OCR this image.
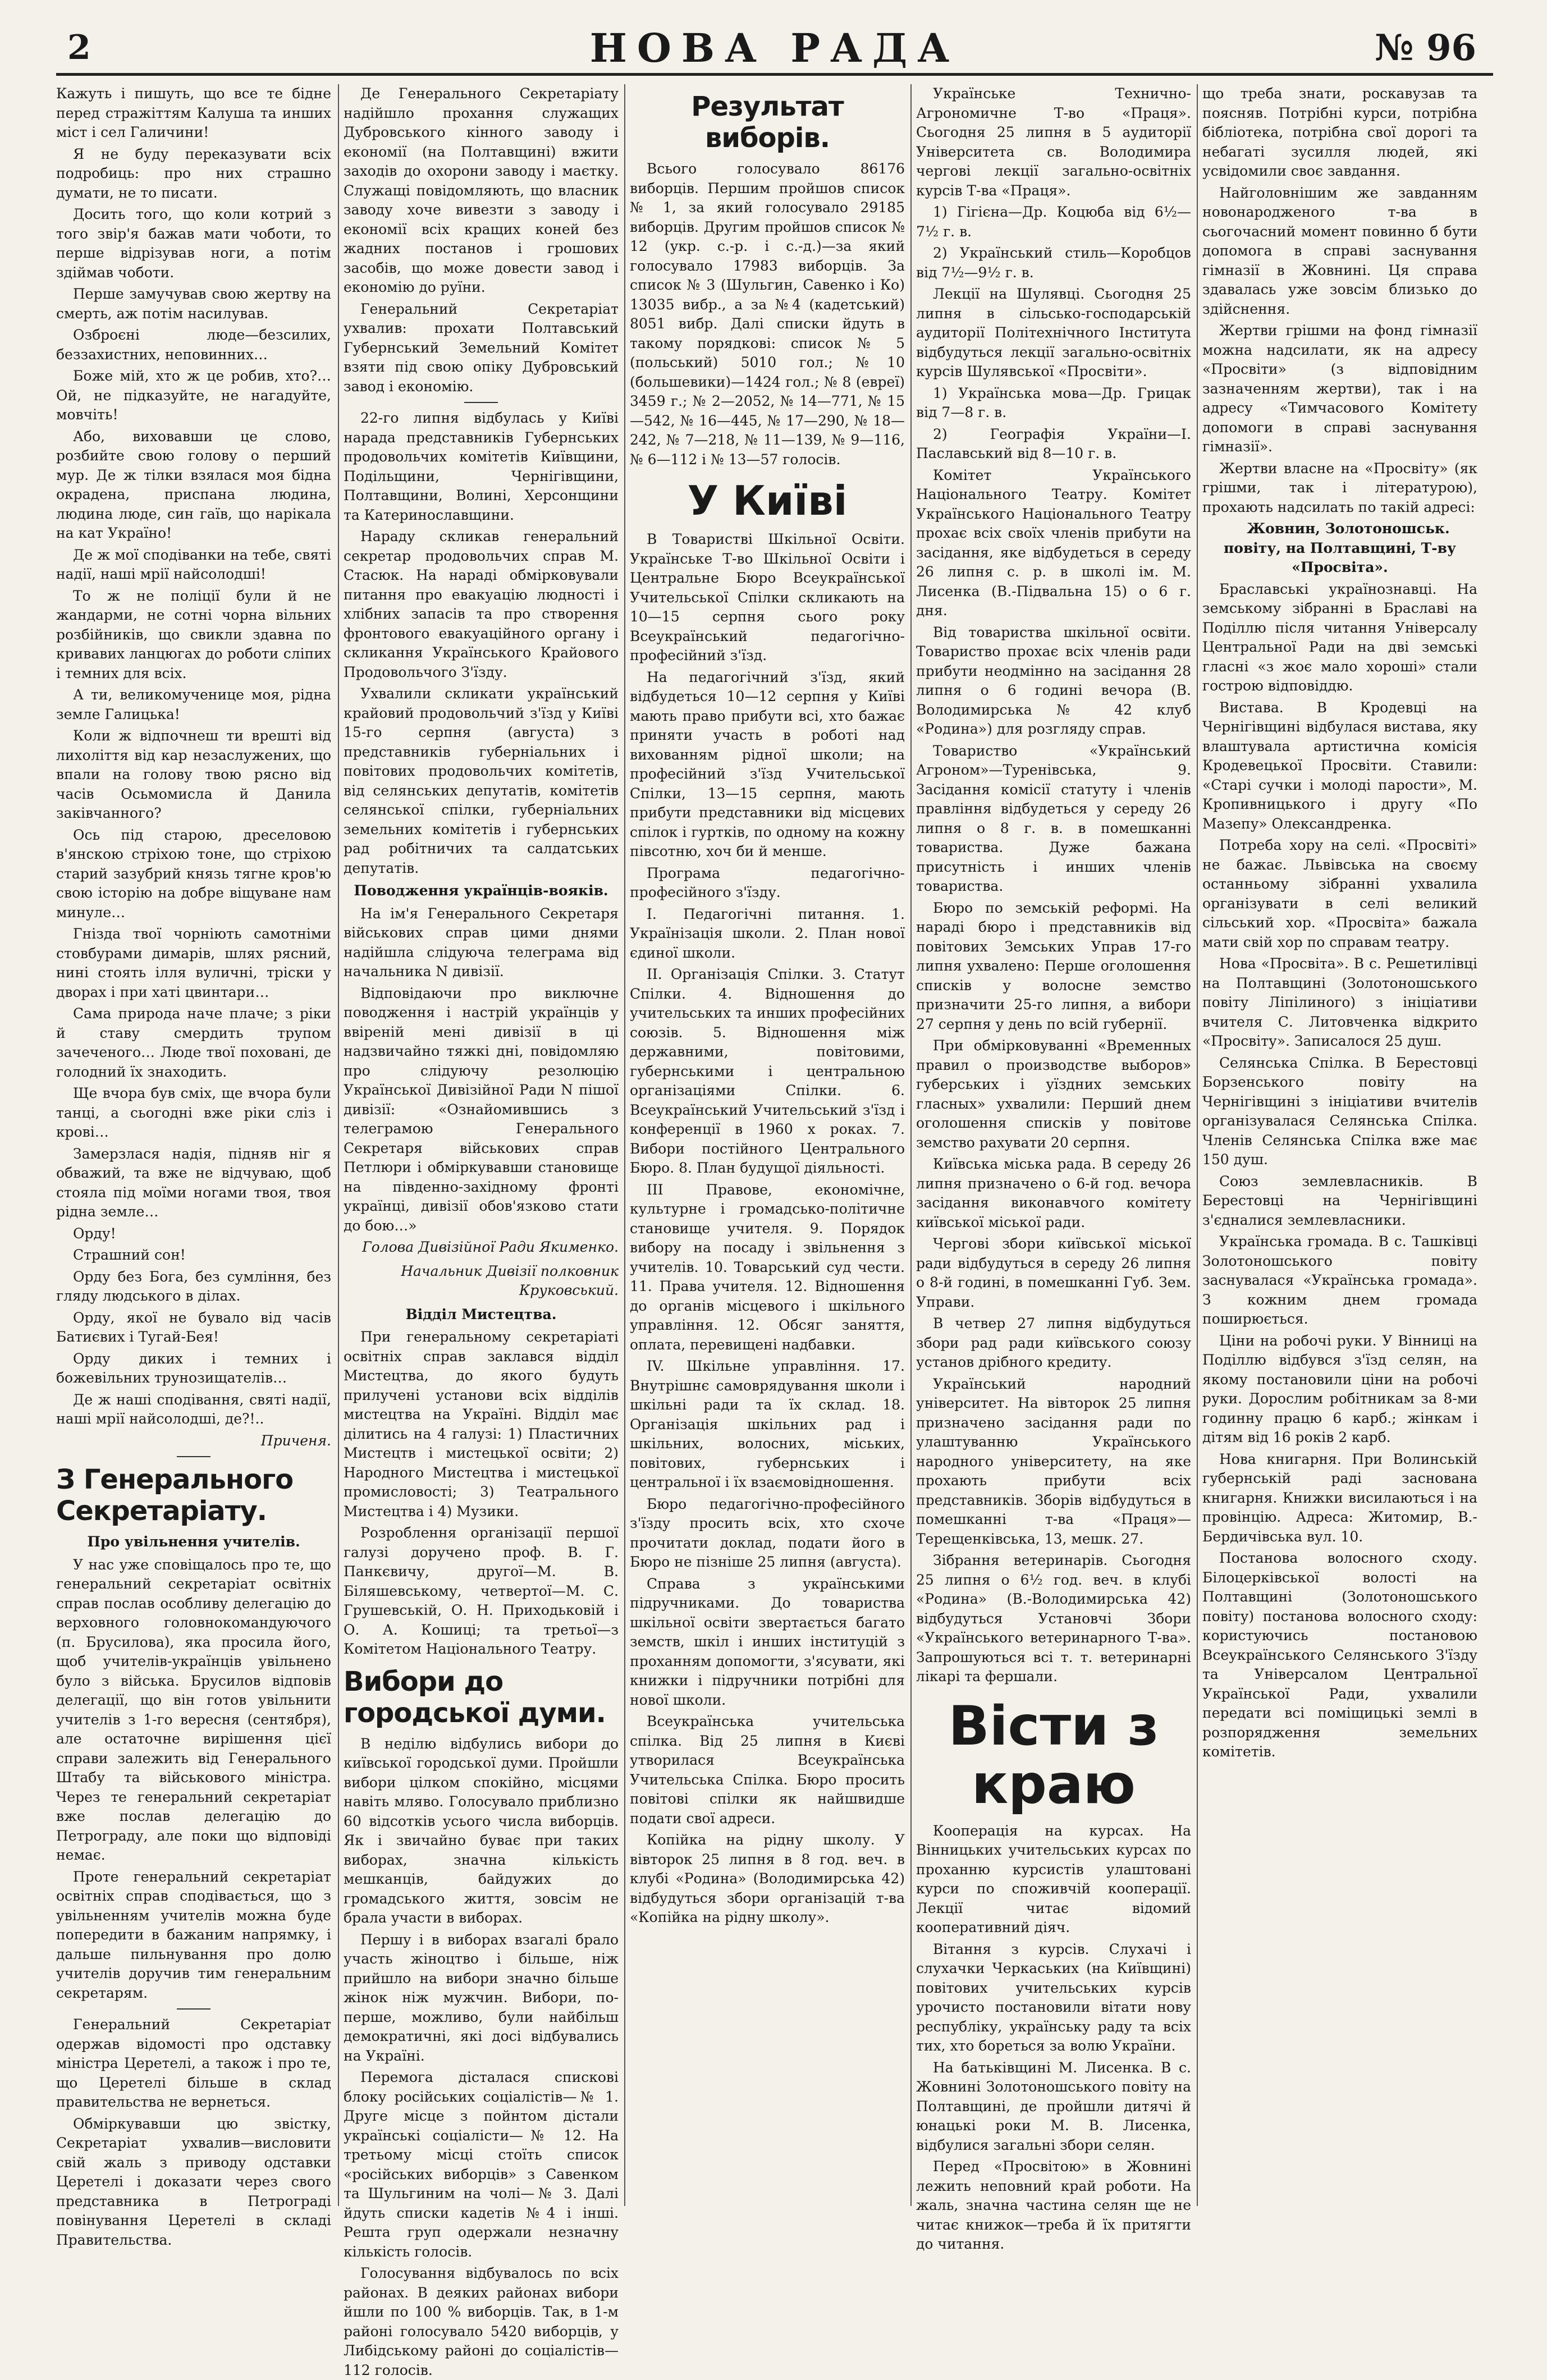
2	НОВА РАДА	№ 96

Кажуть і пишуть, що все те бідне перед стражіттям Калуша та инших міст і сел Галичини!

Я не буду переказувати всіх подробиць: про них страшно думати, не то писати.

Досить того, що коли котрий з того звір'я бажав мати чоботи, то перше відрізував ноги, а потім здіймав чоботи.

Перше замучував свою жертву на смерть, аж потім насилував.

Озброєні люде—безсилих, беззахистних, неповинних…

Боже мій, хто ж це робив, хто?… Ой, не підказуйте, не нагадуйте, мовчіть!

Або, виховавши це слово, розбийте свою голову о перший мур. Де ж тілки взялася моя бідна окрадена, приспана людина, людина люде, син гаїв, що нарікала на кат Україно!

Де ж мої сподіванки на тебе, святі надії, наші мрії найсолодші!

То ж не поліції були й не жандарми, не сотні чорна вільних розбійників, що свикли здавна по кривавих ланцюгах до роботи сліпих і темних для всіх.

А ти, великомученице моя, рідна земле Галицька!

Коли ж відпочнеш ти врешті від лихоліття від кар незаслужених, що впали на голову твою рясно від часів Осьмомисла й Данила заківчанного?

Ось під старою, дреселовою в'янскою стріхою тоне, що стріхою старий зазубрий князь тягне кров'ю свою історію на добре віщуване нам минуле…

Гнізда твої чорніють самотніми стовбурами димарів, шлях рясний, нині стоять ілля вуличні, тріски у дворах і при хаті цвинтари…

Сама природа наче плаче; з ріки й ставу смердить трупом зачеченого… Люде твої поховані, де голодний їх знаходить.

Ще вчора був сміх, ще вчора були танці, а сьогодні вже ріки сліз і крові…

Замерзлася надія, підняв ніг я обважий, та вже не відчуваю, щоб стояла під моїми ногами твоя, твоя рідна земле…

Орду!

Страшний сон!

Орду без Бога, без сумління, без гляду людського в ділах.

Орду, якої не бувало від часів Батиєвих і Тугай-Бея!

Орду диких і темних і божевільних трунозищателів…

Де ж наші сподівання, святі надії, наші мрії найсолодші, де?!..

Приченя.
З Генерального Секретаріату.
Про увільнення учителів.

У нас уже сповіщалось про те, що генеральний секретаріат освітніх справ послав особливу делегацію до верховного головнокомандуючого (п. Брусилова), яка просила його, щоб учителів-українців увільнено було з військa. Брусилов відповів делегації, що він готов увільнити учителів з 1-го вересня (сентября), але остаточне вирішення цієї справи залежить від Генерального Штабу та військового міністра. Через те генеральний секретаріат вже послав делегацію до Петрограду, але поки що відповіді немає.

Проте генеральний секретаріат освітніх справ сподівається, що з увільненням учителів можна буде попередити в бажаним напрямку, і дальше пильнування про долю учителів доручив тим генеральним секретарям.

Генеральний Секретаріат одержав відомості про одставку міністра Церетелі, а також і про те, що Церетелі більше в склад правительства не вернеться.

Обміркувавши цю звістку, Секретаріат ухвалив—висловити свій жаль з приводу одставки Церетелі і доказати через свого представника в Петрограді повінування Церетелі в складі Правительства.

Де Генерального Секретаріату надійшло прохання служащих Дубровського кінного заводу і економії (на Полтавщині) вжити заходів до охорони заводу і маєтку. Служащі повідомляють, що власник заводу хоче вивезти з заводу і економії всіх кращих коней без жадних постанов і грошових засобів, що може довести завод і економію до руїни.

Генеральний Секретаріат ухвалив: прохати Полтавський Губернський Земельний Комітет взяти під свою опіку Дубровський завод і економію.

22-го липня відбулась у Київі нарада представників Губернських продовольчих комітетів Київщини, Подільщини, Чернігівщини, Полтавщини, Волині, Херсонщини та Катеринославщини.

Нараду скликав генеральний секретар продовольчих справ М. Стасюк. На нараді обмірковували питання про евакуацію людності і хлібних запасів та про створення фронтового евакуаційного органу і скликання Українського Крайового Продовольчого З'їзду.

Ухвалили скликати український крайовий продовольчий з'їзд у Київі 15-го серпня (августа) з представників губерніальних і повітових продовольчих комітетів, від селянських депутатів, комітетів селянської спілки, губерніальних земельних комітетів і губернських рад робітничих та салдатських депутатів.

Поводження українців-вояків.

На ім'я Генерального Секретаря військових справ цими днями надійшла слідуюча телеграма від начальника N дивізії.

Відповідаючи про виключне поводження і настрій українців у ввіреній мені дивізії в ці надзвичайно тяжкі дні, повідомляю про слідуючу резолюцію Української Дивізійної Ради N пішої дивізії: «Ознайомившись з телеграмою Генерального Секретаря військових справ Петлюри і обміркувавши становище на південно-західному фронті українці, дивізії обов'язково стати до бою…»

Голова Дивізійної Ради Якименко.
Начальник Дивізії полковник Круковський.
Відділ Мистецтва.

При генеральному секретаріаті освітніх справ заклався відділ Мистецтва, до якого будуть прилучені установи всіх відділів мистецтва на Україні. Відділ має ділитись на 4 галузі: 1) Пластичних Мистецтв і мистецької освіти; 2) Народного Мистецтва і мистецької промисловості; 3) Театрального Мистецтва і 4) Музики.

Розроблення організації першої галузі доручено проф. В. Г. Панкєвичу, другої—М. В. Біляшевському, четвертої—М. С. Грушевській, О. Н. Приходьковій і О. А. Кошиці; та третьої—з Комітетом Національного Театру.

Вибори до городської думи.

В неділю відбулись вибори до київської городської думи. Пройшли вибори цілком спокійно, місцями навіть мляво. Голосувало приблизно 60 відсотків усього числа виборців. Як і звичайно буває при таких виборах, значна кількість мешканців, байдужих до громадського життя, зовсім не брала участи в виборах.

Першу і в виборах взагалі брало участь жіноцтво і більше, ніж прийшло на вибори значно більше жінок ніж мужчин. Вибори, по-перше, можливо, були найбільш демократичні, які досі відбувались на Україні.

Перемога дісталася списковi блоку російських соціалістів—№ 1. Друге місце з пойнтом дістали українські соціалісти—№ 12. На третьому місці стоїть список «російських виборців» з Савенком та Шульгиним на чолі—№ 3. Далі йдуть списки кадетів №4 і інші. Решта груп одержали незначну кількість голосів.

Голосування відбувалось по всіх районах. В деяких районах вибори йшли по 100 % виборців. Так, в 1-м районі голосувало 5420 виборців, у Либідському районі до соціалістів—112 голосів.

Результат виборів.

Всього голосувало 86176 виборців. Першим пройшов список № 1, за який голосувало 29185 виборців. Другим пройшов список № 12 (укр. с.-р. і с.-д.)—за який голосувало 17983 виборців. За список № 3 (Шульгин, Савенко і Кo) 13035 вибр., а за №4 (кадетський) 8051 вибр. Далі списки йдуть в такому порядкові: список № 5 (польський) 5010 гол.; №10 (большевики)—1424 гол.; № 8 (евреї) 3459 г.; № 2—2052, № 14—771, № 15—542, № 16—445, № 17—290, № 18—242, № 7—218, № 11—139, № 9—116, № 6—112 і № 13—57 голосів.

У Київі

В Товаристві Шкільної Освіти. Українське Т-во Шкільної Освіти і Центральне Бюро Всеукраїнської Учительської Спілки скликають на 10—15 серпня сього року Всеукраїнський педагогічно-професійний з'їзд.

На педагогічний з'їзд, який відбудеться 10—12 серпня у Київі мають право прибути всі, хто бажає приняти участь в роботі над вихованням рідної школи; на професійний з'їзд Учительської Спілки, 13—15 серпня, мають прибути представники від місцевих спілок і гуртків, по одному на кожну півсотню, хоч би й менше.

Програма педагогічно-професійного з'їзду.

I. Педагогічні питання. 1. Українізація школи. 2. План нової єдиної школи.

II. Організація Спілки. 3. Статут Спілки. 4. Відношення до учительських та инших професійних союзів. 5. Відношення між державними, повітовими, губернськими і центральною організаціями Спілки. 6. Всеукраїнський Учительський з'їзд і конференції в 1960 х роках. 7. Вибори постійного Центрального Бюро. 8. План будущої діяльності.

III Правове, економічне, культурне і громадсько-політичне становище учителя. 9. Порядок вибору на посаду і звільнення з учителів. 10. Товарський суд чести. 11. Права учителя. 12. Відношення до органів місцевого і шкільного управління. 12. Обсяг заняття, оплата, перевищені надбавки.

IV. Шкільне управління. 17. Внутрішнє самоврядування школи і шкільні ради та їх склад. 18. Організація шкільних рад і шкільних, волосних, міських, повітових, губернських і центральної і їх взаємовідношення.

Бюро педагогічно-професійного з'їзду просить всіх, хто схоче прочитати доклад, подати його в Бюро не пізніше 25 липня (августа).

Справа з українськими підручниками. До товариства шкільної освіти звертається багато земств, шкіл і инших інституцій з проханням допомогти, з'ясувати, які книжки і підручники потрібні для нової школи.

Всеукраїнська учительська спілка. Від 25 липня в Києві утворилася Всеукраїнська Учительська Спілка. Бюро просить повітові спілки як найшвидше подати свої адреси.

Копійка на рідну школу. У вівторок 25 липня в 8 год. веч. в клубі «Родина» (Володимирська 42) відбудуться збори організацій т-ва «Копійка на рідну школу».

Українське Технично-Агрономичне Т-во «Праця». Сьогодня 25 липня в 5 аудиторії Університета св. Володимира чергові лекції загально-освітніх курсів Т-ва «Праця».

1) Гігієна—Др. Коцюба від 6½—7½ г. в.

2) Український стиль—Коробцов від 7½—9½ г. в.

Лекції на Шулявці. Сьогодня 25 липня в сільсько-господарській аудиторії Політехнічного Інститута відбудуться лекції загально-освітніх курсів Шулявської «Просвіти».

1) Українська мова—Др. Грицак від 7—8 г. в.

2) Географія України—І. Паславський від 8—10 г. в.

Комітет Українського Національного Театру. Комітет Українського Національного Театру прохає всіх своїх членів прибути на засідання, яке відбудеться в середу 26 липня с. р. в школі ім. М. Лисенка (В.-Підвальна 15) о 6 г. дня.

Від товариства шкільної освіти. Товариство прохає всіх членів ради прибути неодмінно на засідання 28 липня о 6 годині вечора (В. Володимирська № 42 клуб «Родина») для розгляду справ.

Товариство «Український Агроном»—Туренівська, 9. Засідання комісії статуту і членів правління відбудеться у середу 26 липня о 8 г. в. в помешканні товариства. Дуже бажана присутність і инших членів товариства.

Бюро по земській реформі. На нараді бюро і представників від повітових Земських Управ 17-го липня ухвалено: Перше оголошення спискiв у волосне земство призначити 25-го липня, а вибори 27 серпня у день по всій губернії.

При обмірковуванні «Временных правил о производстве выборов» губерських і уїздних земських гласных» ухвалили: Перший днем оголошення списків у повітове земство рахувати 20 серпня.

Київська міська рада. В середу 26 липня призначено о 6-й год. вечора засідання виконавчого комітету київської міської ради.

Чергові збори київської міської ради відбудуться в середу 26 липня о 8-й годині, в помешканні Губ. Зем. Управи.

В четвер 27 липня відбудуться збори рад ради київського союзу установ дрібного кредиту.

Український народний університет. На вівторок 25 липня призначено засідання ради по улаштуванню Українського народного університету, на яке прохають прибути всіх представників. Зборів відбудуться в помешканні т-ва «Праця»—Терещенківська, 13, мешк. 27.

Зібрання ветеринарів. Сьогодня 25 липня о 6½ год. веч. в клубі «Родина» (В.-Володимирська 42) відбудуться Установчі Збори «Українського ветеринарного Т-ва». Запрошуються всі т. т. ветеринарні лікарі та фершали.

Вісти з краю

Кооперація на курсах. На Вінницьких учительських курсах по проханню курсистів улаштовані курси по споживчій кооперації. Лекції читає відомий кооперативний діяч.

Вітання з курсів. Слухачі і слухачки Черкаських (на Київщині) повітових учительських курсів урочисто постановили вітати нову республіку, українську раду та всіх тих, хто бореться за волю України.

На батьківщині М. Лисенка. В с. Жовнині Золотоношського повіту на Полтавщині, де пройшли дитячі й юнацькі роки М. В. Лисенка, відбулися загальні збори селян.

Перед «Просвітою» в Жовнині лежить неповний край роботи. На жаль, значна частина селян ще не читає книжок—треба й їх притягти до читання.

що треба знати, роскавузав та поясняв. Потрібні курси, потрібна бібліотека, потрібна свої дорогі та небагаті зусилля людей, які усвідомили своє завдання.

Найголовнішим же завданням новонародженого т-ва в сьогочасний момент повинно б бути допомога в справі заснування гімназії в Жовнині. Ця справа здавалась уже зовсім близько до здійснення.

Жертви грішми на фонд гімназії можна надсилати, як на адресу «Просвіти» (з відповідним зазначенням жертви), так і на адресу «Тимчасового Комітету допомоги в справі заснування гімназії».

Жертви власне на «Просвіту» (як грішми, так і літературою), прохають надсилать по такій адресі:

Жовнин, Золотоношськ. повіту, на Полтавщині, Т-ву «Просвіта».

Браславські українознавці. На земському зібранні в Браславі на Поділлю після читання Універсалу Центральної Ради на дві земські гласні «з жоє мало хороші» стали гострою відповіддю.

Вистава. В Кродевці на Чернігівщині відбулася вистава, яку влаштувала артистична комісія Кродевецької Просвіти. Ставили: «Старі сучки і молоді пароcти», М. Кропивницького і другу «По Мазепу» Олександренка.

Потреба хору на селі. «Просвіті» не бажає. Львівська на своєму останньому зібранні ухвалила організувати в селі великий сільський хор. «Просвіта» бажала мати свій хор по справам театру.

Нова «Просвіта». В с. Решетилівці на Полтавщині (Золотоношського повіту Ліпілиного) з ініціативи вчителя С. Литовченка відкрито «Просвіту». Записалося 25 душ.

Селянська Спілка. В Берестовці Борзенського повіту на Чернігівщині з ініціативи вчителів організувалася Селянська Спілка. Членів Селянська Спілка вже має 150 душ.

Союз землевласників. В Берестовці на Чернігівщині з'єдналися землевласники.

Українська громада. В с. Ташківці Золотоношського повіту заснувалася «Українська громада». З кожним днем громада поширюється.

Ціни на робочі руки. У Вінниці на Поділлю відбувся з'їзд селян, на якому постановили ціни на робочі руки. Дорослим робітникам за 8-ми годинну працю 6 карб.; жінкам і дітям від 16 років 2 карб.

Нова книгарня. При Волинській губернській раді заснована книгарня. Книжки висилаються і на провінцію. Адреса: Житомир, В.-Бердичівська вул. 10.

Постанова волосного сходу. Білоцерківської волості на Полтавщині (Золотоношського повіту) постанова волосного сходу: користуючись постановою Всеукраїнського Селянського З'їзду та Універсалом Центральної Української Ради, ухвалили передати всі поміщицькі землі в розпорядження земельних комітетів.
